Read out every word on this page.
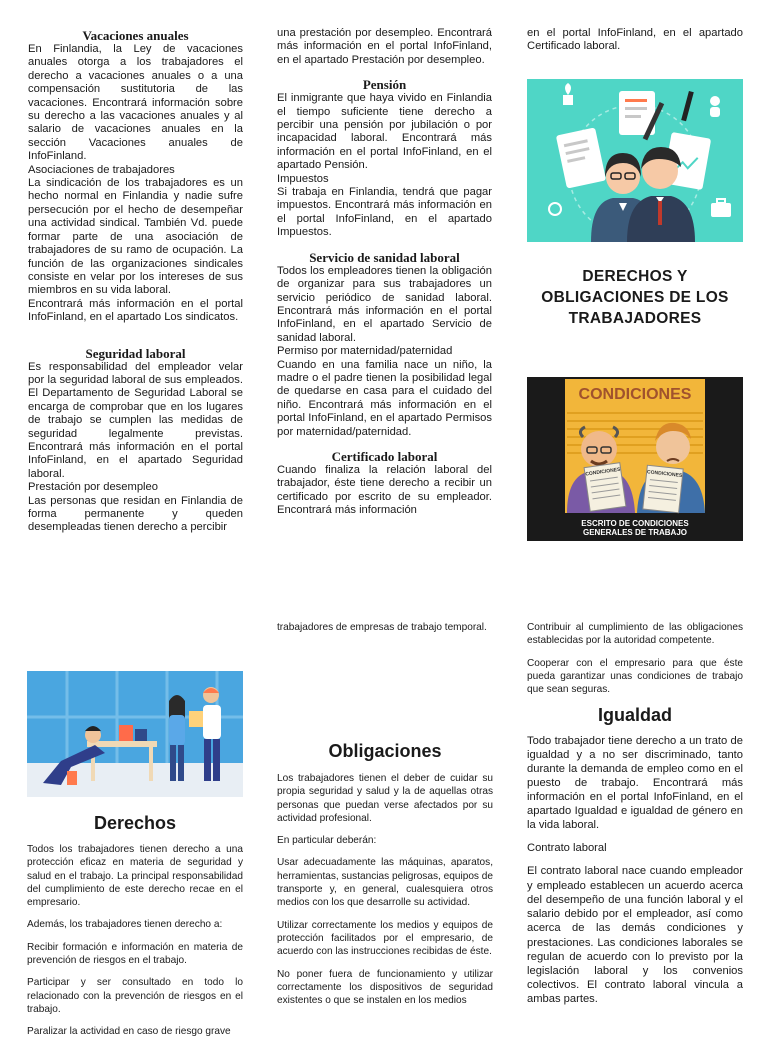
Vacaciones anuales

En Finlandia, la Ley de vacaciones anuales otorga a los trabajadores el derecho a vacaciones anuales o a una compensación sustitutoria de las vacaciones. Encontrará información sobre su derecho a las vacaciones anuales y al salario de vacaciones anuales en la sección Vacaciones anuales de InfoFinland.

Asociaciones de trabajadores

La sindicación de los trabajadores es un hecho normal en Finlandia y nadie sufre persecución por el hecho de desempeñar una actividad sindical. También Vd. puede formar parte de una asociación de trabajadores de su ramo de ocupación. La función de las organizaciones sindicales consiste en velar por los intereses de sus miembros en su vida laboral.

Encontrará más información en el portal InfoFinland, en el apartado Los sindicatos.

Seguridad laboral

Es responsabilidad del empleador velar por la seguridad laboral de sus empleados. El Departamento de Seguridad Laboral se encarga de comprobar que en los lugares de trabajo se cumplen las medidas de seguridad legalmente previstas. Encontrará más información en el portal InfoFinland, en el apartado Seguridad laboral.

Prestación por desempleo

Las personas que residan en Finlandia de forma permanente y queden desempleadas tienen derecho a percibir

una prestación por desempleo. Encontrará más información en el portal InfoFinland, en el apartado Prestación por desempleo.

Pensión

El inmigrante que haya vivido en Finlandia el tiempo suficiente tiene derecho a percibir una pensión por jubilación o por incapacidad laboral. Encontrará más información en el portal InfoFinland, en el apartado Pensión.

Impuestos

Si trabaja en Finlandia, tendrá que pagar impuestos. Encontrará más información en el portal InfoFinland, en el apartado Impuestos.

Servicio de sanidad laboral

Todos los empleadores tienen la obligación de organizar para sus trabajadores un servicio periódico de sanidad laboral. Encontrará más información en el portal InfoFinland, en el apartado Servicio de sanidad laboral.

Permiso por maternidad/paternidad

Cuando en una familia nace un niño, la madre o el padre tienen la posibilidad legal de quedarse en casa para el cuidado del niño. Encontrará más información en el portal InfoFinland, en el apartado Permisos por maternidad/paternidad.

Certificado laboral

Cuando finaliza la relación laboral del trabajador, éste tiene derecho a recibir un certificado por escrito de su empleador. Encontrará más información

en el portal InfoFinland, en el apartado Certificado laboral.

DERECHOS Y OBLIGACIONES DE LOS TRABAJADORES
CONDICIONES
CONDICIONES	CONDICIONES
ESCRITO DE CONDICIONES
GENERALES DE TRABAJO
Derechos

Todos los trabajadores tienen derecho a una protección eficaz en materia de seguridad y salud en el trabajo. La principal responsabilidad del cumplimiento de este derecho recae en el empresario.

Además, los trabajadores tienen derecho a:

Recibir formación e información en materia de prevención de riesgos en el trabajo.

Participar y ser consultado en todo lo relacionado con la prevención de riesgos en el trabajo.

Paralizar la actividad en caso de riesgo grave

trabajadores de empresas de trabajo temporal.

Obligaciones

Los trabajadores tienen el deber de cuidar su propia seguridad y salud y la de aquellas otras personas que puedan verse afectados por su actividad profesional.

En particular deberán:

Usar adecuadamente las máquinas, aparatos, herramientas, sustancias peligrosas, equipos de transporte y, en general, cualesquiera otros medios con los que desarrolle su actividad.

Utilizar correctamente los medios y equipos de protección facilitados por el empresario, de acuerdo con las instrucciones recibidas de éste.

No poner fuera de funcionamiento y utilizar correctamente los dispositivos de seguridad existentes o que se instalen en los medios

Contribuir al cumplimiento de las obligaciones establecidas por la autoridad competente.

Cooperar con el empresario para que éste pueda garantizar unas condiciones de trabajo que sean seguras.

Igualdad

Todo trabajador tiene derecho a un trato de igualdad y a no ser discriminado, tanto durante la demanda de empleo como en el puesto de trabajo. Encontrará más información en el portal InfoFinland, en el apartado Igualdad e igualdad de género en la vida laboral.

Contrato laboral

El contrato laboral nace cuando empleador y empleado establecen un acuerdo acerca del desempeño de una función laboral y el salario debido por el empleador, así como acerca de las demás condiciones y prestaciones. Las condiciones laborales se regulan de acuerdo con lo previsto por la legislación laboral y los convenios colectivos. El contrato laboral vincula a ambas partes.
